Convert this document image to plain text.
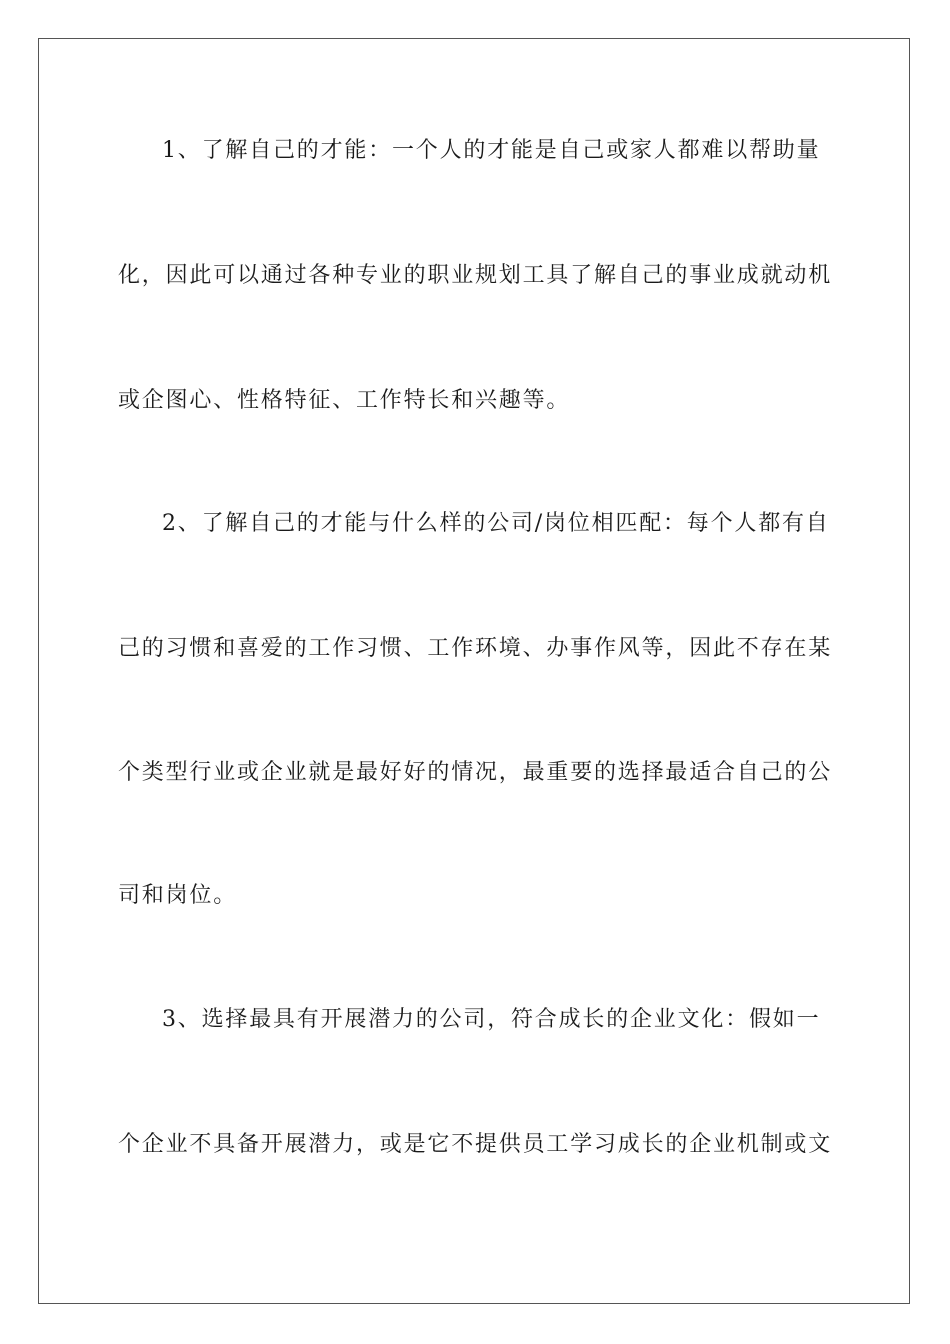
1、了解自己的才能：一个人的才能是自己或家人都难以帮助量
化，因此可以通过各种专业的职业规划工具了解自己的事业成就动机
或企图心、性格特征、工作特长和兴趣等。
2、了解自己的才能与什么样的公司/岗位相匹配：每个人都有自
己的习惯和喜爱的工作习惯、工作环境、办事作风等，因此不存在某
个类型行业或企业就是最好好的情况，最重要的选择最适合自己的公
司和岗位。
3、选择最具有开展潜力的公司，符合成长的企业文化：假如一
个企业不具备开展潜力，或是它不提供员工学习成长的企业机制或文
